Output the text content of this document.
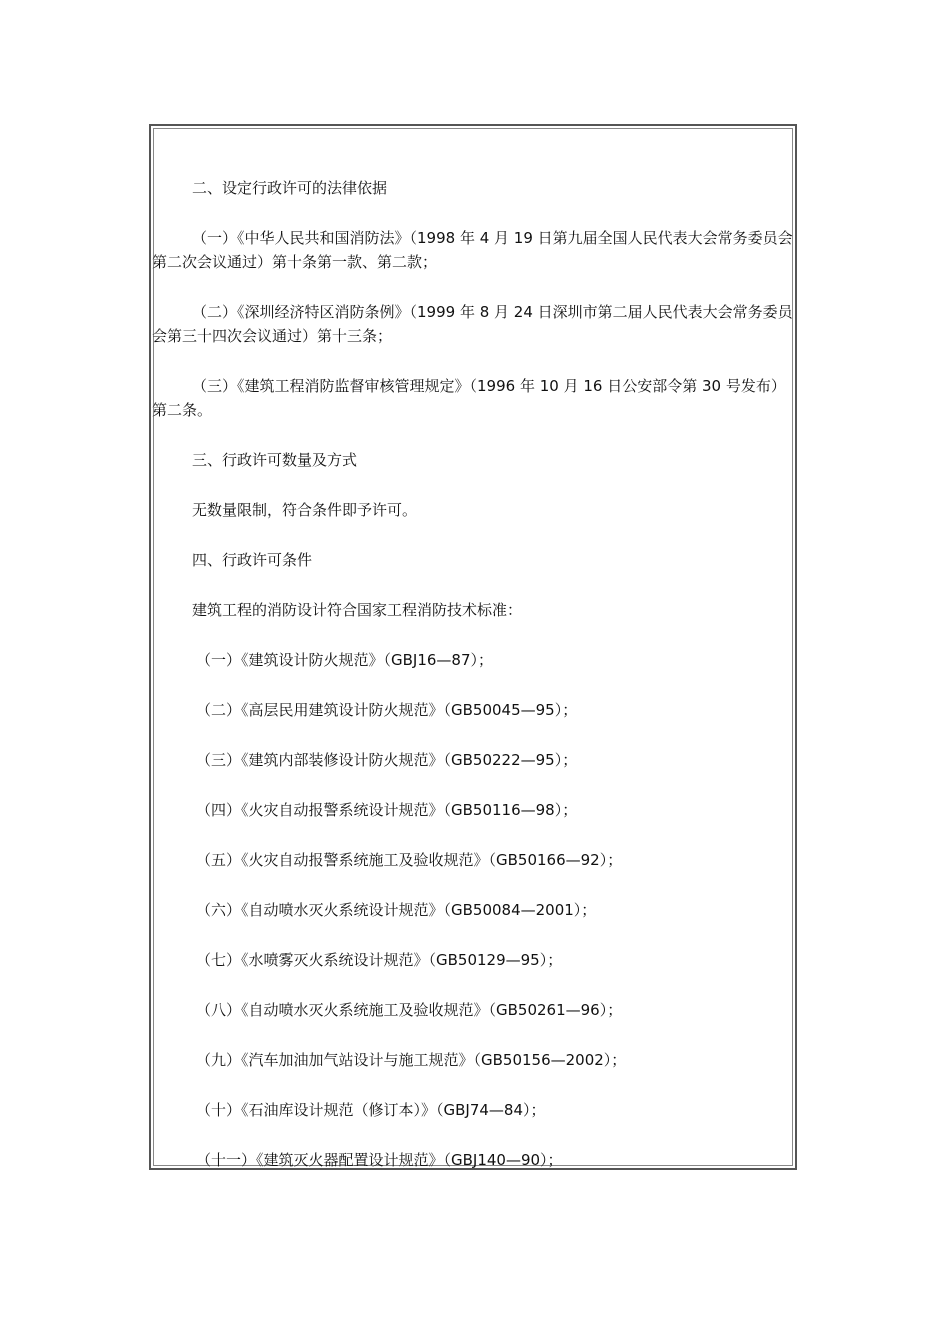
二、设定行政许可的法律依据

（一）《中华人民共和国消防法》（1998 年 4 月 19 日第九届全国人民代表大会常务委员会第二次会议通过）第十条第一款、第二款；

（二）《深圳经济特区消防条例》（1999 年 8 月 24 日深圳市第二届人民代表大会常务委员会第三十四次会议通过）第十三条；

（三）《建筑工程消防监督审核管理规定》（1996 年 10 月 16 日公安部令第 30 号发布）第二条。

三、行政许可数量及方式

无数量限制，符合条件即予许可。

四、行政许可条件

建筑工程的消防设计符合国家工程消防技术标准：

（一）《建筑设计防火规范》（GBJ16—87）；

（二）《高层民用建筑设计防火规范》（GB50045—95）；

（三）《建筑内部装修设计防火规范》（GB50222—95）；

（四）《火灾自动报警系统设计规范》（GB50116—98）；

（五）《火灾自动报警系统施工及验收规范》（GB50166—92）；

（六）《自动喷水灭火系统设计规范》（GB50084—2001）；

（七）《水喷雾灭火系统设计规范》（GB50129—95）；

（八）《自动喷水灭火系统施工及验收规范》（GB50261—96）；

（九）《汽车加油加气站设计与施工规范》（GB50156—2002）；

（十）《石油库设计规范（修订本）》（GBJ74—84）；

（十一）《建筑灭火器配置设计规范》（GBJ140—90）；
